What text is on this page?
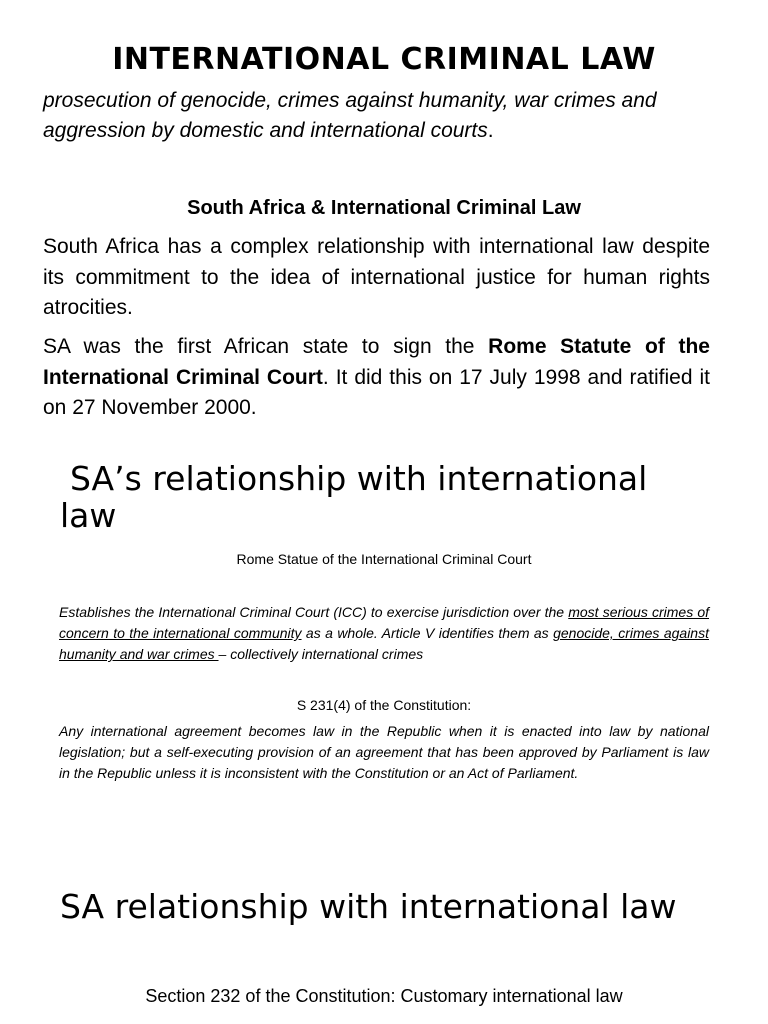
INTERNATIONAL CRIMINAL LAW

prosecution of genocide, crimes against humanity, war crimes and aggression by domestic and international courts.

South Africa & International Criminal Law

South Africa has a complex relationship with international law despite its commitment to the idea of international justice for human rights atrocities.

SA was the first African state to sign the Rome Statute of the International Criminal Court. It did this on 17 July 1998 and ratified it on 27 November 2000.

SA’s relationship with international
law

Rome Statue of the International Criminal Court

Establishes the International Criminal Court (ICC) to exercise jurisdiction over the most serious crimes of concern to the international community as a whole. Article V identifies them as genocide, crimes against humanity and war crimes – collectively international crimes

S 231(4) of the Constitution:

Any international agreement becomes law in the Republic when it is enacted into law by national legislation; but a self-executing provision of an agreement that has been approved by Parliament is law in the Republic unless it is inconsistent with the Constitution or an Act of Parliament.

SA relationship with international law

Section 232 of the Constitution: Customary international law
